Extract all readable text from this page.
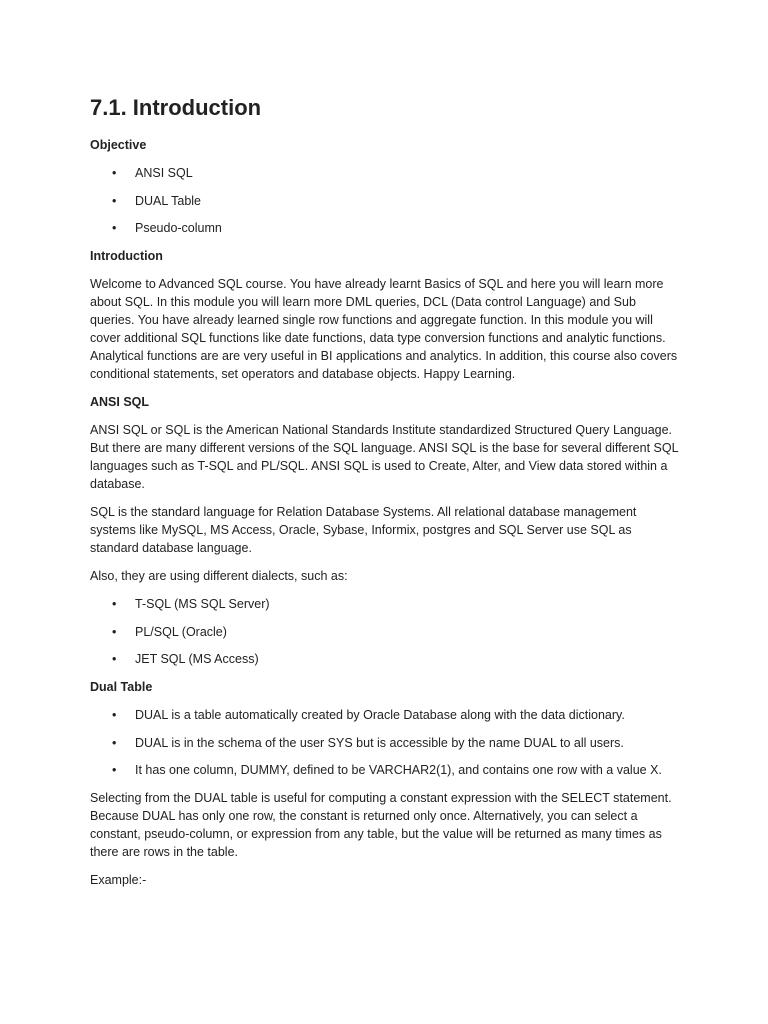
7.1. Introduction
Objective
• ANSI SQL
• DUAL Table
• Pseudo-column
Introduction

Welcome to Advanced SQL course. You have already learnt Basics of SQL and here you will learn more about SQL. In this module you will learn more DML queries, DCL (Data control Language) and Sub queries. You have already learned single row functions and aggregate function. In this module you will cover additional SQL functions like date functions, data type conversion functions and analytic functions. Analytical functions are are very useful in BI applications and analytics. In addition, this course also covers conditional statements, set operators and database objects. Happy Learning.

ANSI SQL

ANSI SQL or SQL is the American National Standards Institute standardized Structured Query Language. But there are many different versions of the SQL language. ANSI SQL is the base for several different SQL languages such as T-SQL and PL/SQL. ANSI SQL is used to Create, Alter, and View data stored within a database.

SQL is the standard language for Relation Database Systems. All relational database management systems like MySQL, MS Access, Oracle, Sybase, Informix, postgres and SQL Server use SQL as standard database language.

Also, they are using different dialects, such as:

• T-SQL (MS SQL Server)
• PL/SQL (Oracle)
• JET SQL (MS Access)
Dual Table
• DUAL is a table automatically created by Oracle Database along with the data dictionary.
• DUAL is in the schema of the user SYS but is accessible by the name DUAL to all users.
• It has one column, DUMMY, defined to be VARCHAR2(1), and contains one row with a value X.

Selecting from the DUAL table is useful for computing a constant expression with the SELECT statement. Because DUAL has only one row, the constant is returned only once. Alternatively, you can select a constant, pseudo-column, or expression from any table, but the value will be returned as many times as there are rows in the table.

Example:-
